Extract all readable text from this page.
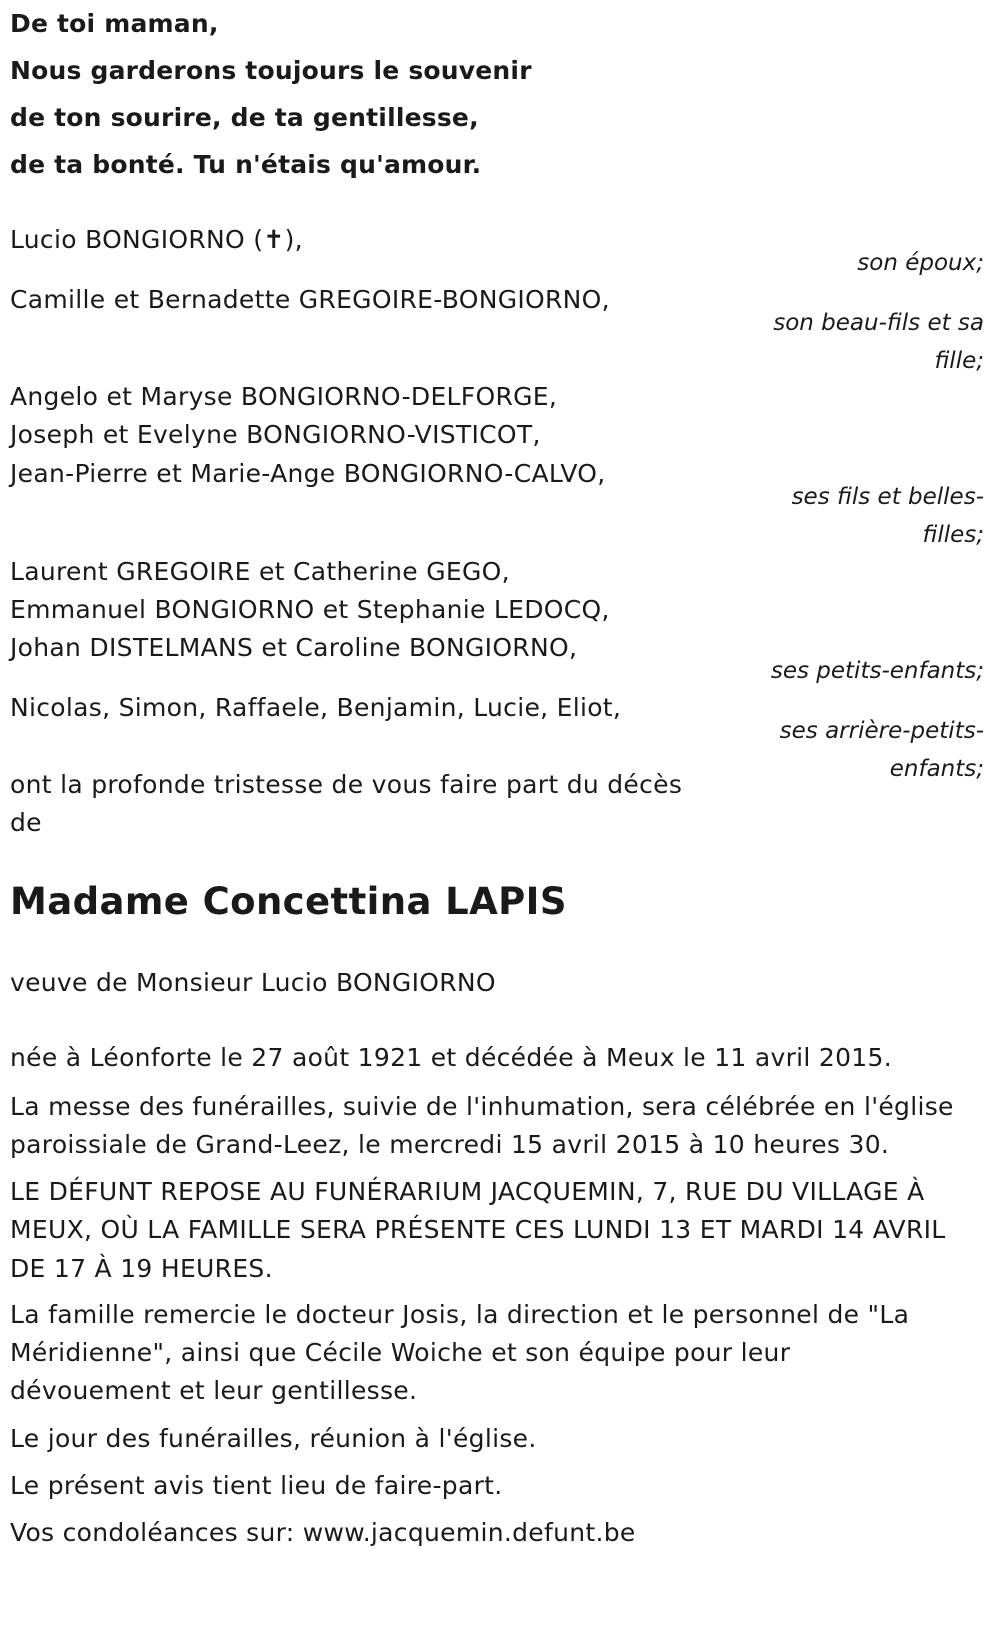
De toi maman,
Nous garderons toujours le souvenir
de ton sourire, de ta gentillesse,
de ta bonté. Tu n'étais qu'amour.
Lucio BONGIORNO (✝),
son époux;
Camille et Bernadette GREGOIRE-BONGIORNO,
son beau-fils et sa
fille;
Angelo et Maryse BONGIORNO-DELFORGE,
Joseph et Evelyne BONGIORNO-VISTICOT,
Jean-Pierre et Marie-Ange BONGIORNO-CALVO,
ses fils et belles-
filles;
Laurent GREGOIRE et Catherine GEGO,
Emmanuel BONGIORNO et Stephanie LEDOCQ,
Johan DISTELMANS et Caroline BONGIORNO,
ses petits-enfants;
Nicolas, Simon, Raffaele, Benjamin, Lucie, Eliot,
ses arrière-petits-
enfants;
ont la profonde tristesse de vous faire part du décès
de
Madame Concettina LAPIS
veuve de Monsieur Lucio BONGIORNO
née à Léonforte le 27 août 1921 et décédée à Meux le 11 avril 2015.
La messe des funérailles, suivie de l'inhumation, sera célébrée en l'église
paroissiale de Grand-Leez, le mercredi 15 avril 2015 à 10 heures 30.
LE DÉFUNT REPOSE AU FUNÉRARIUM JACQUEMIN, 7, RUE DU VILLAGE À
MEUX, OÙ LA FAMILLE SERA PRÉSENTE CES LUNDI 13 ET MARDI 14 AVRIL
DE 17 À 19 HEURES.
La famille remercie le docteur Josis, la direction et le personnel de "La
Méridienne", ainsi que Cécile Woiche et son équipe pour leur
dévouement et leur gentillesse.
Le jour des funérailles, réunion à l'église.
Le présent avis tient lieu de faire-part.
Vos condoléances sur: www.jacquemin.defunt.be
